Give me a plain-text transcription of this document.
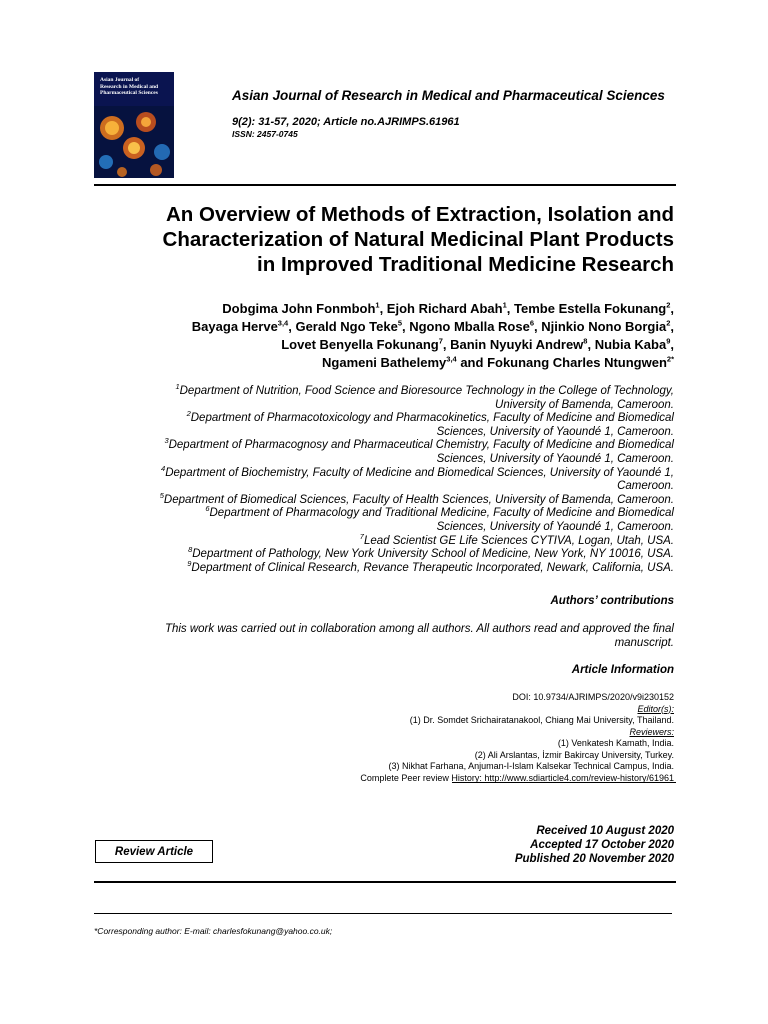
Asian Journal of
Research in Medical and
Pharmaceutical Sciences	Asian Journal of Research in Medical and Pharmaceutical Sciences
9(2): 31-57, 2020; Article no.AJRIMPS.61961
ISSN: 2457-0745
An Overview of Methods of Extraction, Isolation and
Characterization of Natural Medicinal Plant Products
in Improved Traditional Medicine Research
Dobgima John Fonmboh$^1$, Ejoh Richard Abah$^1$, Tembe Estella Fokunang$^2$,
Bayaga Herve$^{3,4}$, Gerald Ngo Teke$^5$, Ngono Mballa Rose$^6$, Njinkio Nono Borgia$^2$,
Lovet Benyella Fokunang$^7$, Banin Nyuyki Andrew$^8$, Nubia Kaba$^9$,
Ngameni Bathelemy$^{3,4}$ and Fokunang Charles Ntungwen$^{2*}$
$^1$Department of Nutrition, Food Science and Bioresource Technology in the College of Technology,
University of Bamenda, Cameroon.
$^2$Department of Pharmacotoxicology and Pharmacokinetics, Faculty of Medicine and Biomedical
Sciences, University of Yaoundé 1, Cameroon.
$^3$Department of Pharmacognosy and Pharmaceutical Chemistry, Faculty of Medicine and Biomedical
Sciences, University of Yaoundé 1, Cameroon.
$^4$Department of Biochemistry, Faculty of Medicine and Biomedical Sciences, University of Yaoundé 1,
Cameroon.
$^5$Department of Biomedical Sciences, Faculty of Health Sciences, University of Bamenda, Cameroon.
$^6$Department of Pharmacology and Traditional Medicine, Faculty of Medicine and Biomedical
Sciences, University of Yaoundé 1, Cameroon.
$^7$Lead Scientist GE Life Sciences CYTIVA, Logan, Utah, USA.
$^8$Department of Pathology, New York University School of Medicine, New York, NY 10016, USA.
$^9$Department of Clinical Research, Revance Therapeutic Incorporated, Newark, California, USA.
Authors’ contributions
This work was carried out in collaboration among all authors. All authors read and approved the final
manuscript.
Article Information
DOI: 10.9734/AJRIMPS/2020/v9i230152
Editor(s):
(1) Dr. Somdet Srichairatanakool, Chiang Mai University, Thailand.
Reviewers:
(1) Venkatesh Kamath, India.
(2) Ali Arslantas, İzmir Bakircay University, Turkey.
(3) Nikhat Farhana, Anjuman-I-Islam Kalsekar Technical Campus, India.
Complete Peer review History: http://www.sdiarticle4.com/review-history/61961
Received 10 August 2020
Accepted 17 October 2020
Published 20 November 2020
Review Article
*Corresponding author: E-mail: charlesfokunang@yahoo.co.uk;
